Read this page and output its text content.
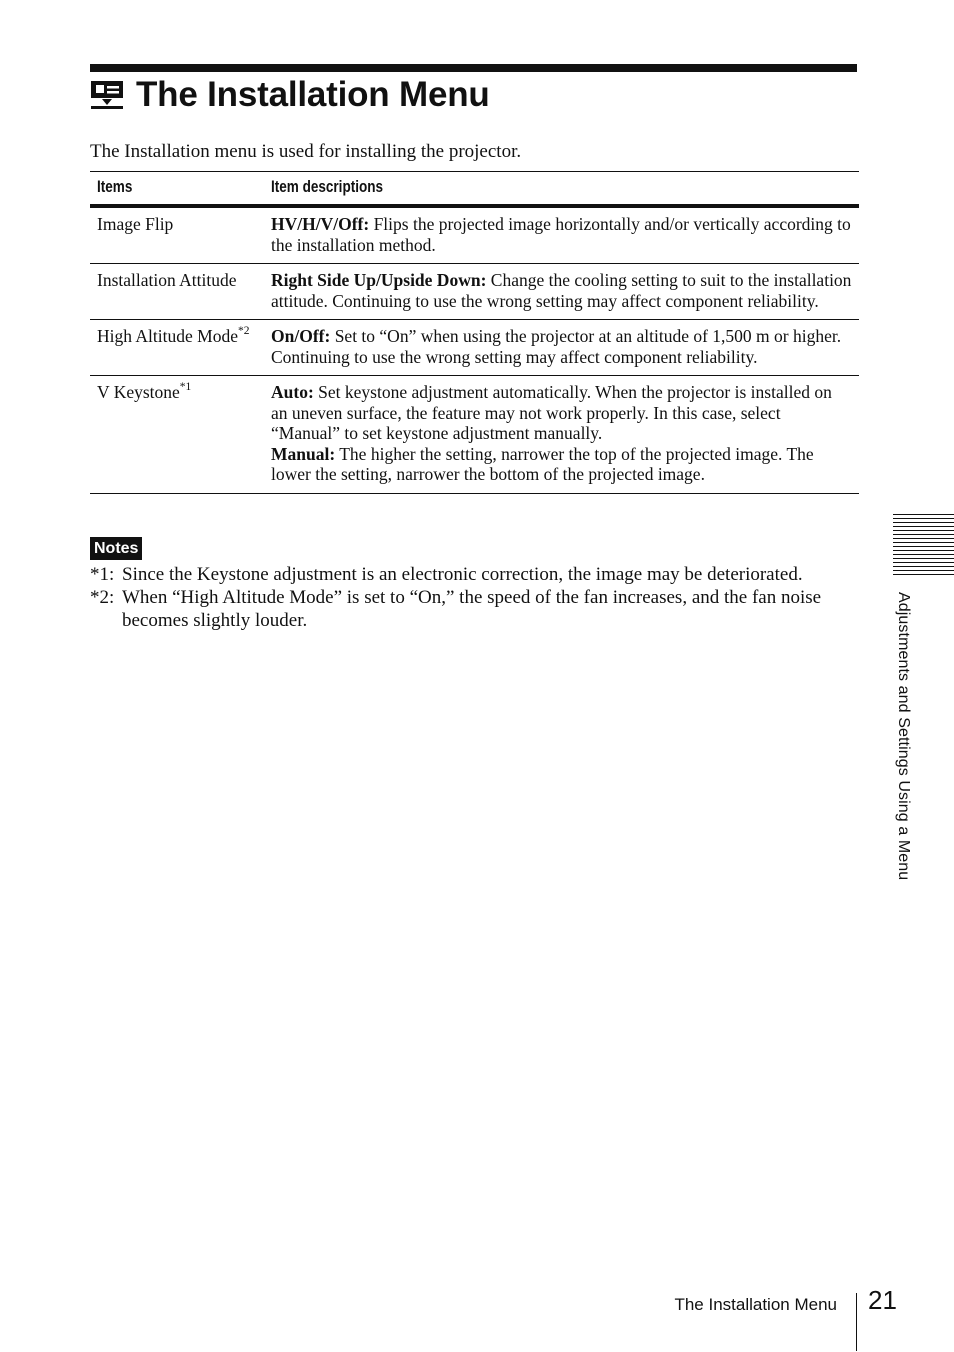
The Installation Menu

The Installation menu is used for installing the projector.

Items	Item descriptions
Image Flip	HV/H/V/Off: Flips the projected image horizontally and/or vertically according to the installation method.
Installation Attitude	Right Side Up/Upside Down: Change the cooling setting to suit to the installation attitude. Continuing to use the wrong setting may affect component reliability.
High Altitude Mode$^{*2}$	On/Off: Set to “On” when using the projector at an altitude of 1,500 m or higher. Continuing to use the wrong setting may affect component reliability.
V Keystone$^{*1}$	Auto: Set keystone adjustment automatically. When the projector is installed on an uneven surface, the feature may not work properly. In this case, select “Manual” to set keystone adjustment manually.
Manual: The higher the setting, narrower the top of the projected image. The lower the setting, narrower the bottom of the projected image.
Notes
*1: Since the Keystone adjustment is an electronic correction, the image may be deteriorated.
*2: When “High Altitude Mode” is set to “On,” the speed of the fan increases, and the fan noise becomes slightly louder.	Adjustments and Settings Using a Menu
The Installation Menu 21
